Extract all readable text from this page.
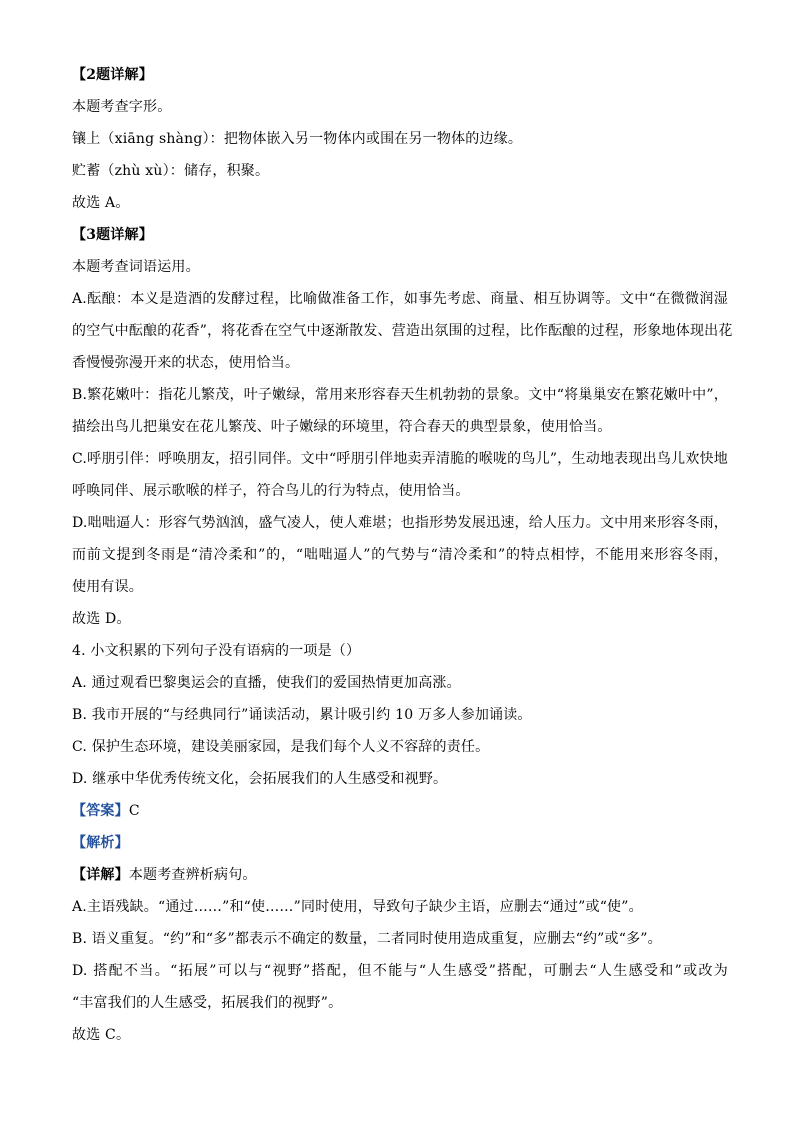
【2题详解】
本题考查字形。
镶上（xiāng shàng）：把物体嵌入另一物体内或围在另一物体的边缘。
贮蓄（zhù xù）：储存，积聚。
故选 A。
【3题详解】
本题考查词语运用。
A.酝酿：本义是造酒的发酵过程，比喻做准备工作，如事先考虑、商量、相互协调等。文中“在微微润湿
的空气中酝酿的花香”，将花香在空气中逐渐散发、营造出氛围的过程，比作酝酿的过程，形象地体现出花
香慢慢弥漫开来的状态，使用恰当。
B.繁花嫩叶：指花儿繁茂，叶子嫩绿，常用来形容春天生机勃勃的景象。文中“将巢巢安在繁花嫩叶中”，
描绘出鸟儿把巢安在花儿繁茂、叶子嫩绿的环境里，符合春天的典型景象，使用恰当。
C.呼朋引伴：呼唤朋友，招引同伴。文中“呼朋引伴地卖弄清脆的喉咙的鸟儿”，生动地表现出鸟儿欢快地
呼唤同伴、展示歌喉的样子，符合鸟儿的行为特点，使用恰当。
D.咄咄逼人：形容气势汹汹，盛气凌人，使人难堪；也指形势发展迅速，给人压力。文中用来形容冬雨，
而前文提到冬雨是“清冷柔和”的，“咄咄逼人”的气势与“清冷柔和”的特点相悖，不能用来形容冬雨，
使用有误。
故选 D。
4. 小文积累的下列句子没有语病的一项是（）
A. 通过观看巴黎奥运会的直播，使我们的爱国热情更加高涨。
B. 我市开展的“与经典同行”诵读活动，累计吸引约 10 万多人参加诵读。
C. 保护生态环境，建设美丽家园，是我们每个人义不容辞的责任。
D. 继承中华优秀传统文化，会拓展我们的人生感受和视野。
【答案】C
【解析】
【详解】本题考查辨析病句。
A.主语残缺。“通过……”和“使……”同时使用，导致句子缺少主语，应删去“通过”或“使”。
B. 语义重复。“约”和“多”都表示不确定的数量，二者同时使用造成重复，应删去“约”或“多”。
D. 搭配不当。“拓展”可以与“视野”搭配，但不能与“人生感受”搭配，可删去“人生感受和”或改为
“丰富我们的人生感受，拓展我们的视野”。
故选 C。
